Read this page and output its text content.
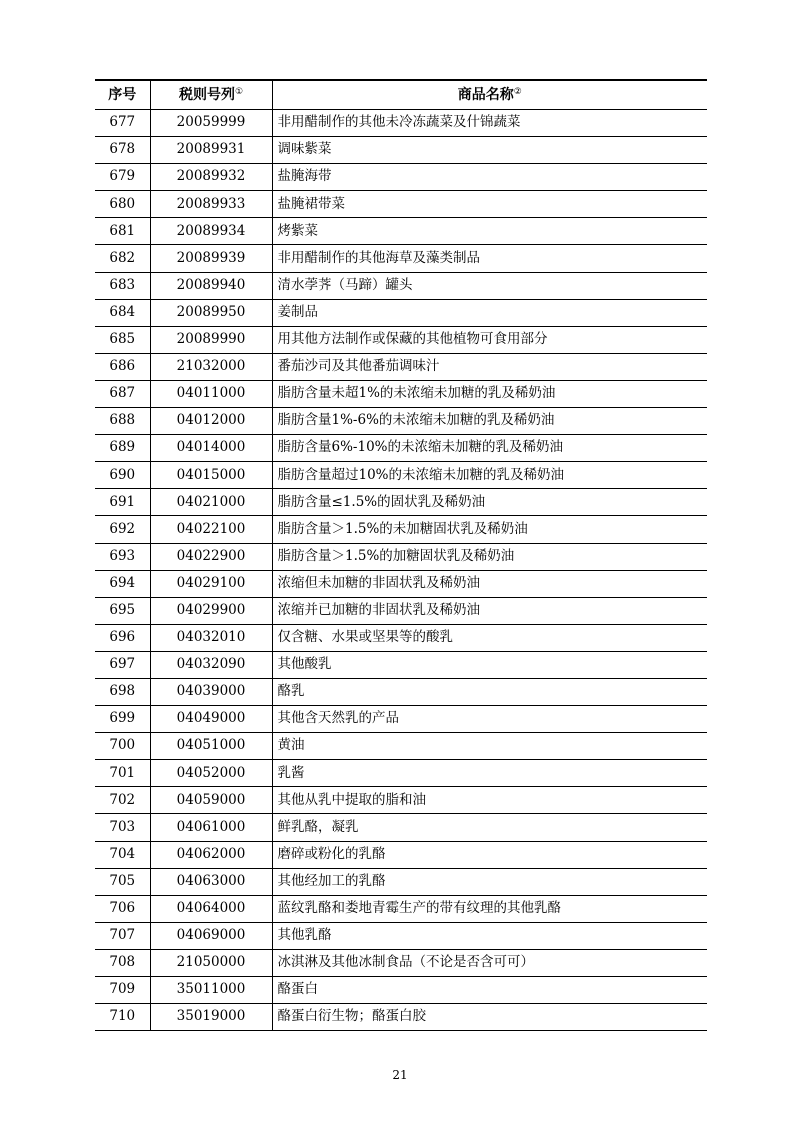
序号	税则号列①	商品名称②
677	20059999	非用醋制作的其他未冷冻蔬菜及什锦蔬菜
678	20089931	调味紫菜
679	20089932	盐腌海带
680	20089933	盐腌裙带菜
681	20089934	烤紫菜
682	20089939	非用醋制作的其他海草及藻类制品
683	20089940	清水荸荠（马蹄）罐头
684	20089950	姜制品
685	20089990	用其他方法制作或保藏的其他植物可食用部分
686	21032000	番茄沙司及其他番茄调味汁
687	04011000	脂肪含量未超1%的未浓缩未加糖的乳及稀奶油
688	04012000	脂肪含量1%-6%的未浓缩未加糖的乳及稀奶油
689	04014000	脂肪含量6%-10%的未浓缩未加糖的乳及稀奶油
690	04015000	脂肪含量超过10%的未浓缩未加糖的乳及稀奶油
691	04021000	脂肪含量≤1.5%的固状乳及稀奶油
692	04022100	脂肪含量＞1.5%的未加糖固状乳及稀奶油
693	04022900	脂肪含量＞1.5%的加糖固状乳及稀奶油
694	04029100	浓缩但未加糖的非固状乳及稀奶油
695	04029900	浓缩并已加糖的非固状乳及稀奶油
696	04032010	仅含糖、水果或坚果等的酸乳
697	04032090	其他酸乳
698	04039000	酪乳
699	04049000	其他含天然乳的产品
700	04051000	黄油
701	04052000	乳酱
702	04059000	其他从乳中提取的脂和油
703	04061000	鲜乳酪，凝乳
704	04062000	磨碎或粉化的乳酪
705	04063000	其他经加工的乳酪
706	04064000	蓝纹乳酪和娄地青霉生产的带有纹理的其他乳酪
707	04069000	其他乳酪
708	21050000	冰淇淋及其他冰制食品（不论是否含可可）
709	35011000	酪蛋白
710	35019000	酪蛋白衍生物；酪蛋白胶
21
